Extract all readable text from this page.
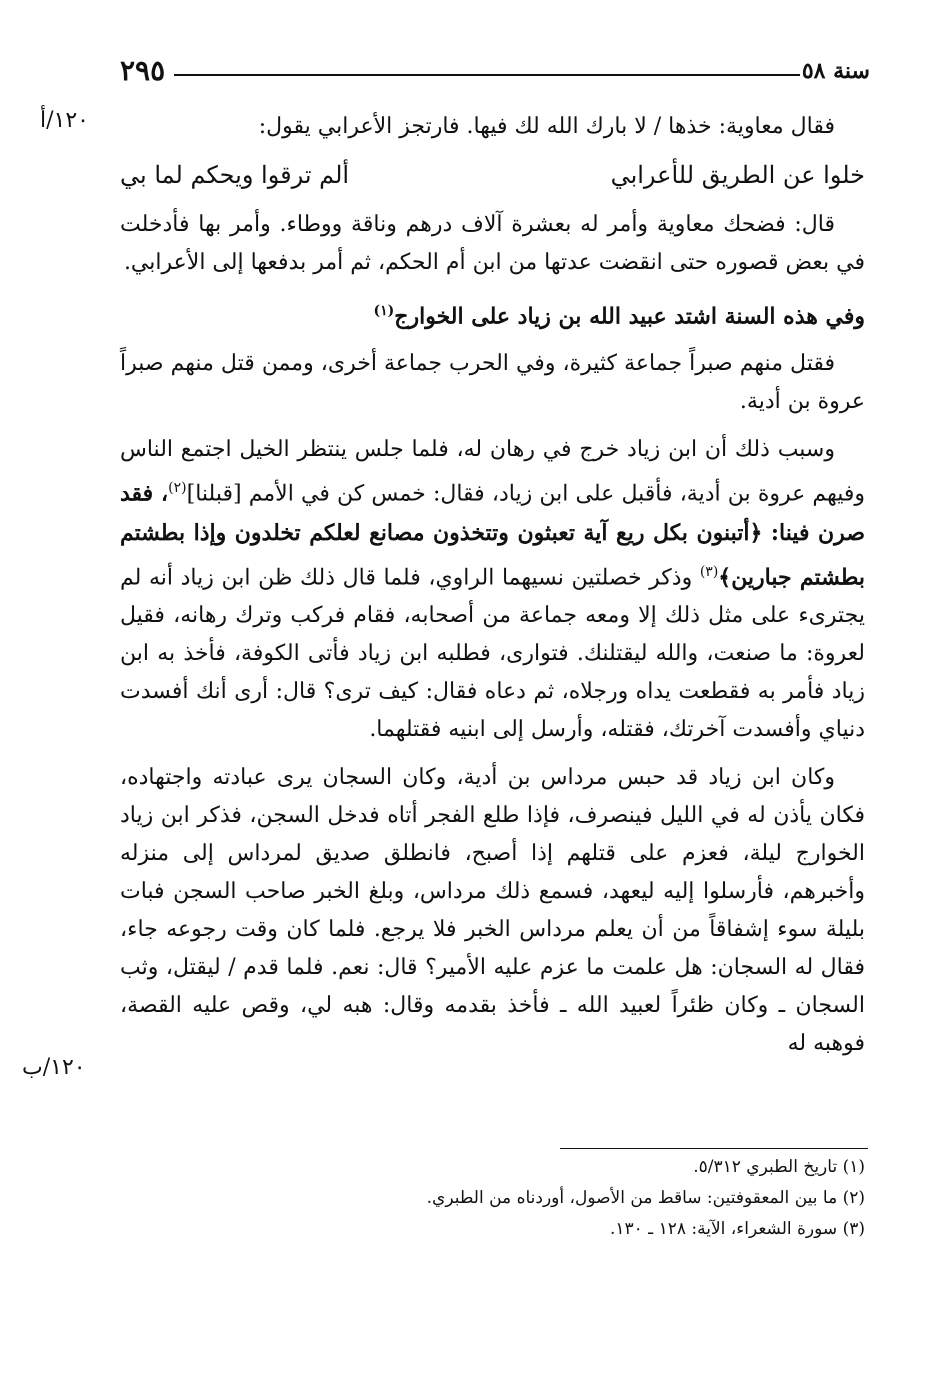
٢٩٥	سنة ٥٨
١٢٠/أ
١٢٠/ب

فقال معاوية: خذها / لا بارك الله لك فيها. فارتجز الأعرابي يقول:

خلوا عن الطريق للأعرابي
ألم ترقوا ويحكم لما بي

قال: فضحك معاوية وأمر له بعشرة آلاف درهم وناقة ووطاء. وأمر بها فأدخلت في بعض قصوره حتى انقضت عدتها من ابن أم الحكم، ثم أمر بدفعها إلى الأعرابي.

وفي هذه السنة اشتد عبيد الله بن زياد على الخوارج$^{(١)}$

فقتل منهم صبراً جماعة كثيرة، وفي الحرب جماعة أخرى، وممن قتل منهم صبراً عروة بن أدية.

وسبب ذلك أن ابن زياد خرج في رهان له، فلما جلس ينتظر الخيل اجتمع الناس وفيهم عروة بن أدية، فأقبل على ابن زياد، فقال: خمس كن في الأمم [قبلنا]$^{(٢)}$، فقد صرن فينا: ﴿أتبنون بكل ريع آية تعبثون وتتخذون مصانع لعلكم تخلدون وإذا بطشتم بطشتم جبارين﴾$^{(٣)}$ وذكر خصلتين نسيهما الراوي، فلما قال ذلك ظن ابن زياد أنه لم يجترىء على مثل ذلك إلا ومعه جماعة من أصحابه، فقام فركب وترك رهانه، فقيل لعروة: ما صنعت، والله ليقتلنك. فتوارى، فطلبه ابن زياد فأتى الكوفة، فأخذ به ابن زياد فأمر به فقطعت يداه ورجلاه، ثم دعاه فقال: كيف ترى؟ قال: أرى أنك أفسدت دنياي وأفسدت آخرتك، فقتله، وأرسل إلى ابنيه فقتلهما.

وكان ابن زياد قد حبس مرداس بن أدية، وكان السجان يرى عبادته واجتهاده، فكان يأذن له في الليل فينصرف، فإذا طلع الفجر أتاه فدخل السجن، فذكر ابن زياد الخوارج ليلة، فعزم على قتلهم إذا أصبح، فانطلق صديق لمرداس إلى منزله وأخبرهم، فأرسلوا إليه ليعهد، فسمع ذلك مرداس، وبلغ الخبر صاحب السجن فبات بليلة سوء إشفاقاً من أن يعلم مرداس الخبر فلا يرجع. فلما كان وقت رجوعه جاء، فقال له السجان: هل علمت ما عزم عليه الأمير؟ قال: نعم. فلما قدم / ليقتل، وثب السجان ـ وكان ظئراً لعبيد الله ـ فأخذ بقدمه وقال: هبه لي، وقص عليه القصة، فوهبه له

(١) تاريخ الطبري ٥/٣١٢.

(٢) ما بين المعقوفتين: ساقط من الأصول، أوردناه من الطبري.

(٣) سورة الشعراء، الآية: ١٢٨ ـ ١٣٠.
